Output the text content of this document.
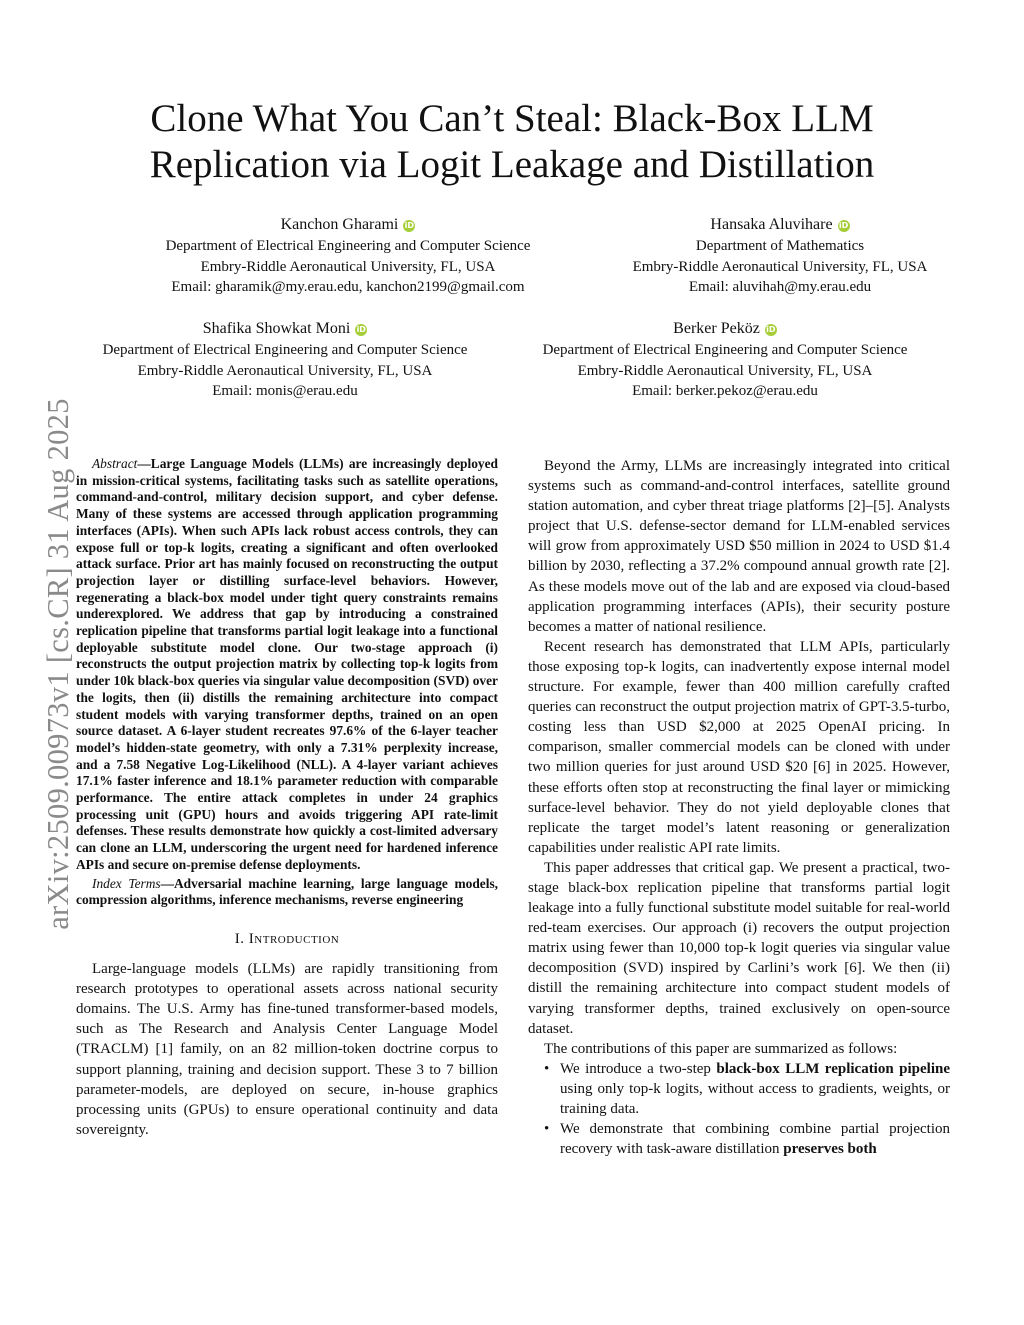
arXiv:2509.00973v1 [cs.CR] 31 Aug 2025
Clone What You Can’t Steal: Black-Box LLM
Replication via Logit Leakage and Distillation
Kanchon Gharami iD
Department of Electrical Engineering and Computer Science
Embry-Riddle Aeronautical University, FL, USA
Email: gharamik@my.erau.edu, kanchon2199@gmail.com
Hansaka Aluvihare iD
Department of Mathematics
Embry-Riddle Aeronautical University, FL, USA
Email: aluvihah@my.erau.edu
Shafika Showkat Moni iD
Department of Electrical Engineering and Computer Science
Embry-Riddle Aeronautical University, FL, USA
Email: monis@erau.edu
Berker Peköz iD
Department of Electrical Engineering and Computer Science
Embry-Riddle Aeronautical University, FL, USA
Email: berker.pekoz@erau.edu

Abstract—Large Language Models (LLMs) are increasingly deployed in mission-critical systems, facilitating tasks such as satellite operations, command-and-control, military decision support, and cyber defense. Many of these systems are accessed through application programming interfaces (APIs). When such APIs lack robust access controls, they can expose full or top-k logits, creating a significant and often overlooked attack surface. Prior art has mainly focused on reconstructing the output projection layer or distilling surface-level behaviors. However, regenerating a black-box model under tight query constraints remains underexplored. We address that gap by introducing a constrained replication pipeline that transforms partial logit leakage into a functional deployable substitute model clone. Our two-stage approach (i) reconstructs the output projection matrix by collecting top-k logits from under 10k black-box queries via singular value decomposition (SVD) over the logits, then (ii) distills the remaining architecture into compact student models with varying transformer depths, trained on an open source dataset. A 6-layer student recreates 97.6% of the 6-layer teacher model’s hidden-state geometry, with only a 7.31% perplexity increase, and a 7.58 Negative Log-Likelihood (NLL). A 4-layer variant achieves 17.1% faster inference and 18.1% parameter reduction with comparable performance. The entire attack completes in under 24 graphics processing unit (GPU) hours and avoids triggering API rate-limit defenses. These results demonstrate how quickly a cost-limited adversary can clone an LLM, underscoring the urgent need for hardened inference APIs and secure on-premise defense deployments.

Index Terms—Adversarial machine learning, large language models, compression algorithms, inference mechanisms, reverse engineering

I. Introduction

Large-language models (LLMs) are rapidly transitioning from research prototypes to operational assets across national security domains. The U.S. Army has fine-tuned transformer-based models, such as The Research and Analysis Center Language Model (TRACLM) [1] family, on an 82 million-token doctrine corpus to support planning, training and decision support. These 3 to 7 billion parameter-models, are deployed on secure, in-house graphics processing units (GPUs) to ensure operational continuity and data sovereignty.

Beyond the Army, LLMs are increasingly integrated into critical systems such as command-and-control interfaces, satellite ground station automation, and cyber threat triage platforms [2]–[5]. Analysts project that U.S. defense-sector demand for LLM-enabled services will grow from approximately USD $50 million in 2024 to USD $1.4 billion by 2030, reflecting a 37.2% compound annual growth rate [2]. As these models move out of the lab and are exposed via cloud-based application programming interfaces (APIs), their security posture becomes a matter of national resilience.

Recent research has demonstrated that LLM APIs, particularly those exposing top-k logits, can inadvertently expose internal model structure. For example, fewer than 400 million carefully crafted queries can reconstruct the output projection matrix of GPT-3.5-turbo, costing less than USD $2,000 at 2025 OpenAI pricing. In comparison, smaller commercial models can be cloned with under two million queries for just around USD $20 [6] in 2025. However, these efforts often stop at reconstructing the final layer or mimicking surface-level behavior. They do not yield deployable clones that replicate the target model’s latent reasoning or generalization capabilities under realistic API rate limits.

This paper addresses that critical gap. We present a practical, two-stage black-box replication pipeline that transforms partial logit leakage into a fully functional substitute model suitable for real-world red-team exercises. Our approach (i) recovers the output projection matrix using fewer than 10,000 top-k logit queries via singular value decomposition (SVD) inspired by Carlini’s work [6]. We then (ii) distill the remaining architecture into compact student models of varying transformer depths, trained exclusively on open-source dataset.

The contributions of this paper are summarized as follows:

• We introduce a two-step black-box LLM replication pipeline using only top-k logits, without access to gradients, weights, or training data.
• We demonstrate that combining combine partial projection recovery with task-aware distillation preserves both
